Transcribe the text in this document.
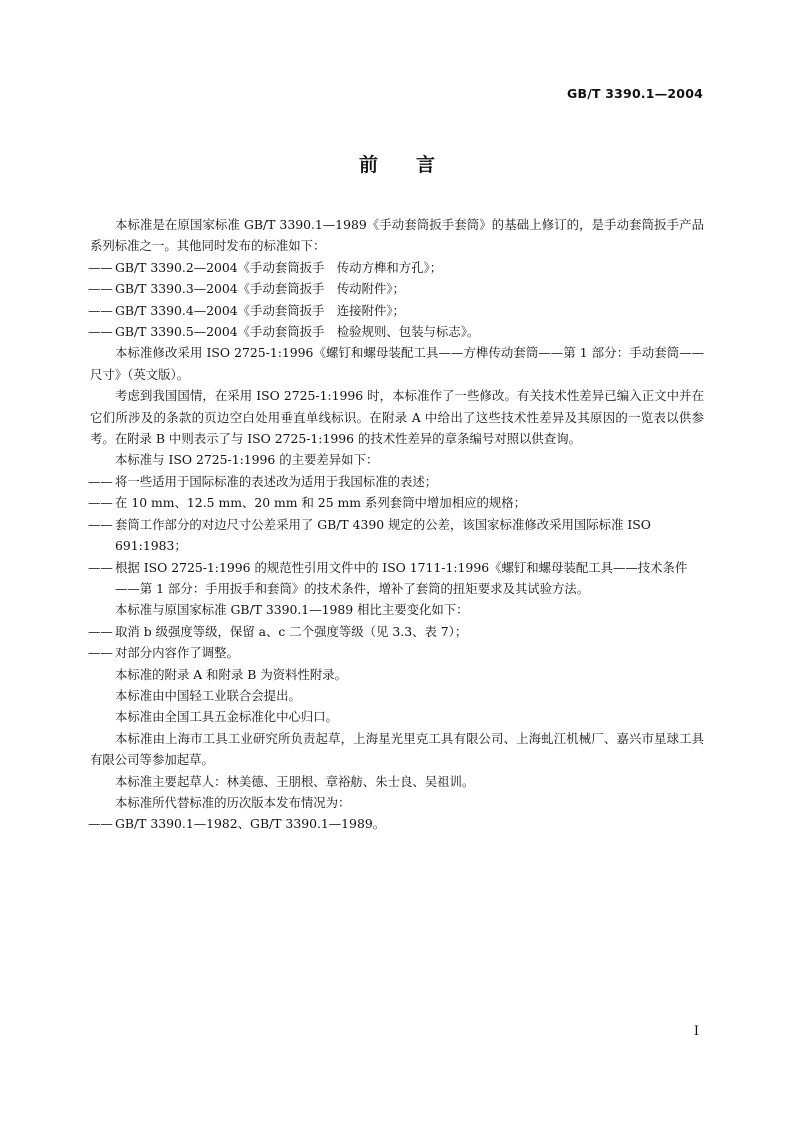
GB/T 3390.1—2004
前　　言

本标准是在原国家标准 GB/T 3390.1—1989《手动套筒扳手套筒》的基础上修订的，是手动套筒扳手产品系列标准之一。其他同时发布的标准如下：

—— GB/T 3390.2—2004《手动套筒扳手　传动方榫和方孔》；

—— GB/T 3390.3—2004《手动套筒扳手　传动附件》；

—— GB/T 3390.4—2004《手动套筒扳手　连接附件》；

—— GB/T 3390.5—2004《手动套筒扳手　检验规则、包装与标志》。

本标准修改采用 ISO 2725-1:1996《螺钉和螺母装配工具——方榫传动套筒——第 1 部分：手动套筒——尺寸》（英文版）。

考虑到我国国情，在采用 ISO 2725-1:1996 时，本标准作了一些修改。有关技术性差异已编入正文中并在它们所涉及的条款的页边空白处用垂直单线标识。在附录 A 中给出了这些技术性差异及其原因的一览表以供参考。在附录 B 中则表示了与 ISO 2725-1:1996 的技术性差异的章条编号对照以供查询。

本标准与 ISO 2725-1:1996 的主要差异如下：

—— 将一些适用于国际标准的表述改为适用于我国标准的表述；

—— 在 10 mm、12.5 mm、20 mm 和 25 mm 系列套筒中增加相应的规格；

—— 套筒工作部分的对边尺寸公差采用了 GB/T 4390 规定的公差，该国家标准修改采用国际标准 ISO 691:1983；

—— 根据 ISO 2725-1:1996 的规范性引用文件中的 ISO 1711-1:1996《螺钉和螺母装配工具——技术条件——第 1 部分：手用扳手和套筒》的技术条件，增补了套筒的扭矩要求及其试验方法。

本标准与原国家标准 GB/T 3390.1—1989 相比主要变化如下：

—— 取消 b 级强度等级，保留 a、c 二个强度等级（见 3.3、表 7）；

—— 对部分内容作了调整。

本标准的附录 A 和附录 B 为资料性附录。

本标准由中国轻工业联合会提出。

本标准由全国工具五金标准化中心归口。

本标准由上海市工具工业研究所负责起草，上海星光里克工具有限公司、上海虬江机械厂、嘉兴市星球工具有限公司等参加起草。

本标准主要起草人：林美德、王朋根、章裕舫、朱士良、吴祖训。

本标准所代替标准的历次版本发布情况为：

—— GB/T 3390.1—1982、GB/T 3390.1—1989。

I
